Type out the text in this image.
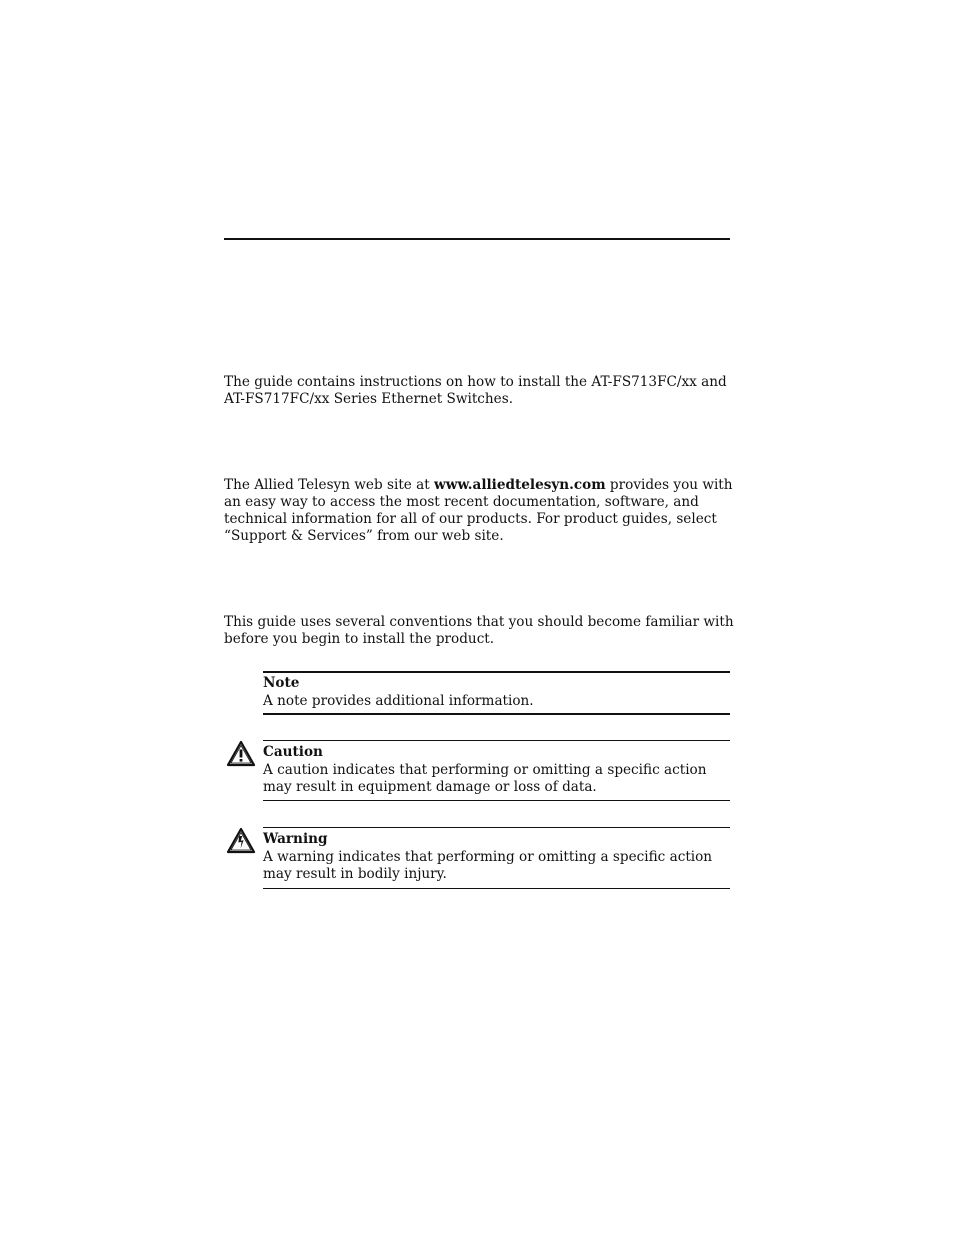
The guide contains instructions on how to install the AT-FS713FC/xx and AT-FS717FC/xx Series Ethernet Switches.

The Allied Telesyn web site at www.alliedtelesyn.com provides you with an easy way to access the most recent documentation, software, and technical information for all of our products. For product guides, select “Support & Services” from our web site.

This guide uses several conventions that you should become familiar with before you begin to install the product.

Note
A note provides additional information.
Caution
A caution indicates that performing or omitting a specific action may result in equipment damage or loss of data.
Warning
A warning indicates that performing or omitting a specific action may result in bodily injury.
